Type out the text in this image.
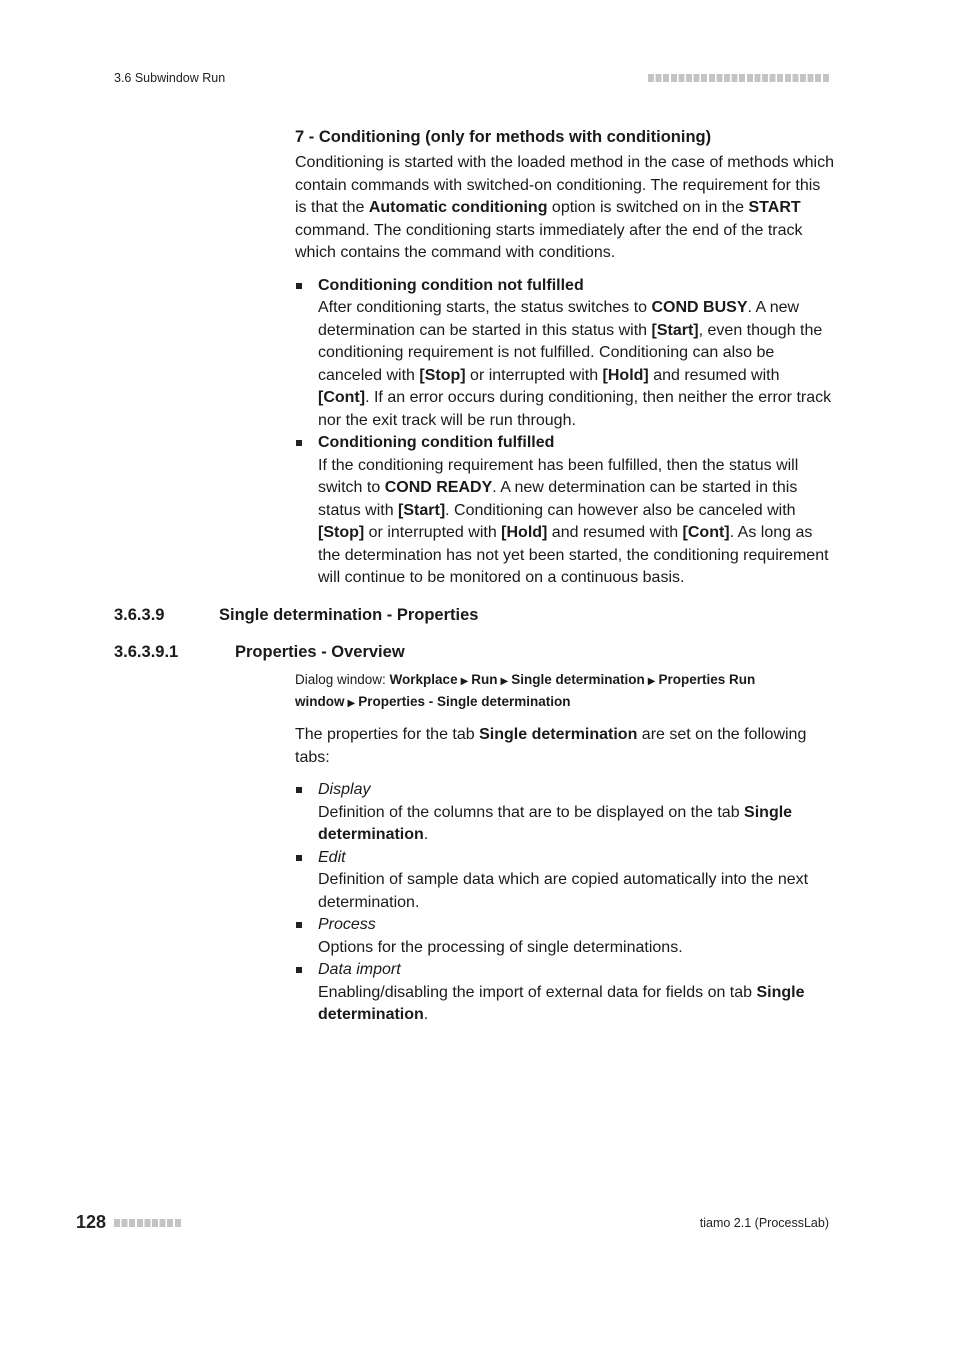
3.6 Subwindow Run
7 - Conditioning (only for methods with conditioning)

Conditioning is started with the loaded method in the case of methods which contain commands with switched-on conditioning. The requirement for this is that the Automatic conditioning option is switched on in the START command. The conditioning starts immediately after the end of the track which contains the command with conditions.

Conditioning condition not fulfilled
After conditioning starts, the status switches to COND BUSY. A new determination can be started in this status with [Start], even though the conditioning requirement is not fulfilled. Conditioning can also be canceled with [Stop] or interrupted with [Hold] and resumed with [Cont]. If an error occurs during conditioning, then neither the error track nor the exit track will be run through.
Conditioning condition fulfilled
If the conditioning requirement has been fulfilled, then the status will switch to COND READY. A new determination can be started in this status with [Start]. Conditioning can however also be canceled with [Stop] or interrupted with [Hold] and resumed with [Cont]. As long as the determination has not yet been started, the conditioning requirement will continue to be monitored on a continuous basis.
3.6.3.9	Single determination - Properties
3.6.3.9.1	Properties - Overview
Dialog window: Workplace ▶ Run ▶ Single determination ▶ Properties Run window ▶ Properties - Single determination

The properties for the tab Single determination are set on the following tabs:

Display
Definition of the columns that are to be displayed on the tab Single determination.
Edit
Definition of sample data which are copied automatically into the next determination.
Process
Options for the processing of single determinations.
Data import
Enabling/disabling the import of external data for fields on tab Single determination.
128	tiamo 2.1 (ProcessLab)
